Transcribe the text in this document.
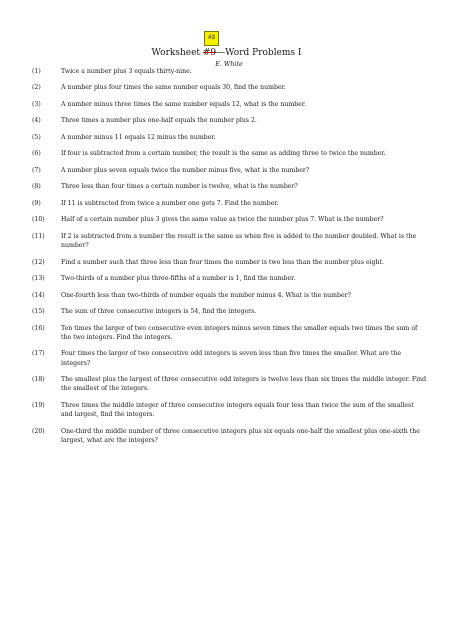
#3
Worksheet #9—Word Problems I
E. White
(1)	Twice a number plus 3 equals thirty-nine.
(2)	A number plus four times the same number equals 30, find the number.
(3)	A number minus three times the same number equals 12, what is the number.
(4)	Three times a number plus one-half equals the number plus 2.
(5)	A number minus 11 equals 12 minus the number.
(6)	If four is subtracted from a certain number, the result is the same as adding three to twice the number.
(7)	A number plus seven equals twice the number minus five, what is the number?
(8)	Three less than four times a certain number is twelve, what is the number?
(9)	If 11 is subtracted from twice a number one gets 7. Find the number.
(10)	Half of a certain number plus 3 gives the same value as twice the number plus 7. What is the number?
(11)	If 2 is subtracted from a number the result is the same as when five is added to the number doubled. What is the number?
(12)	Find a number such that three less than four times the number is two less than the number plus eight.
(13)	Two-thirds of a number plus three-fifths of a number is 1, find the number.
(14)	One-fourth less than two-thirds of number equals the number minus 4. What is the number?
(15)	The sum of three consecutive integers is 54, find the integers.
(16)	Ten times the larger of two consecutive even integers minus seven times the smaller equals two times the sum of the two integers. Find the integers.
(17)	Four times the larger of two consecutive odd integers is seven less than five times the smaller. What are the integers?
(18)	The smallest plus the largest of three consecutive odd integers is twelve less than six times the middle integer. Find the smallest of the integers.
(19)	Three times the middle integer of three consecutive integers equals four less than twice the sum of the smallest and largest, find the integers.
(20)	One-third the middle number of three consecutive integers plus six equals one-half the smallest plus one-sixth the largest, what are the integers?
